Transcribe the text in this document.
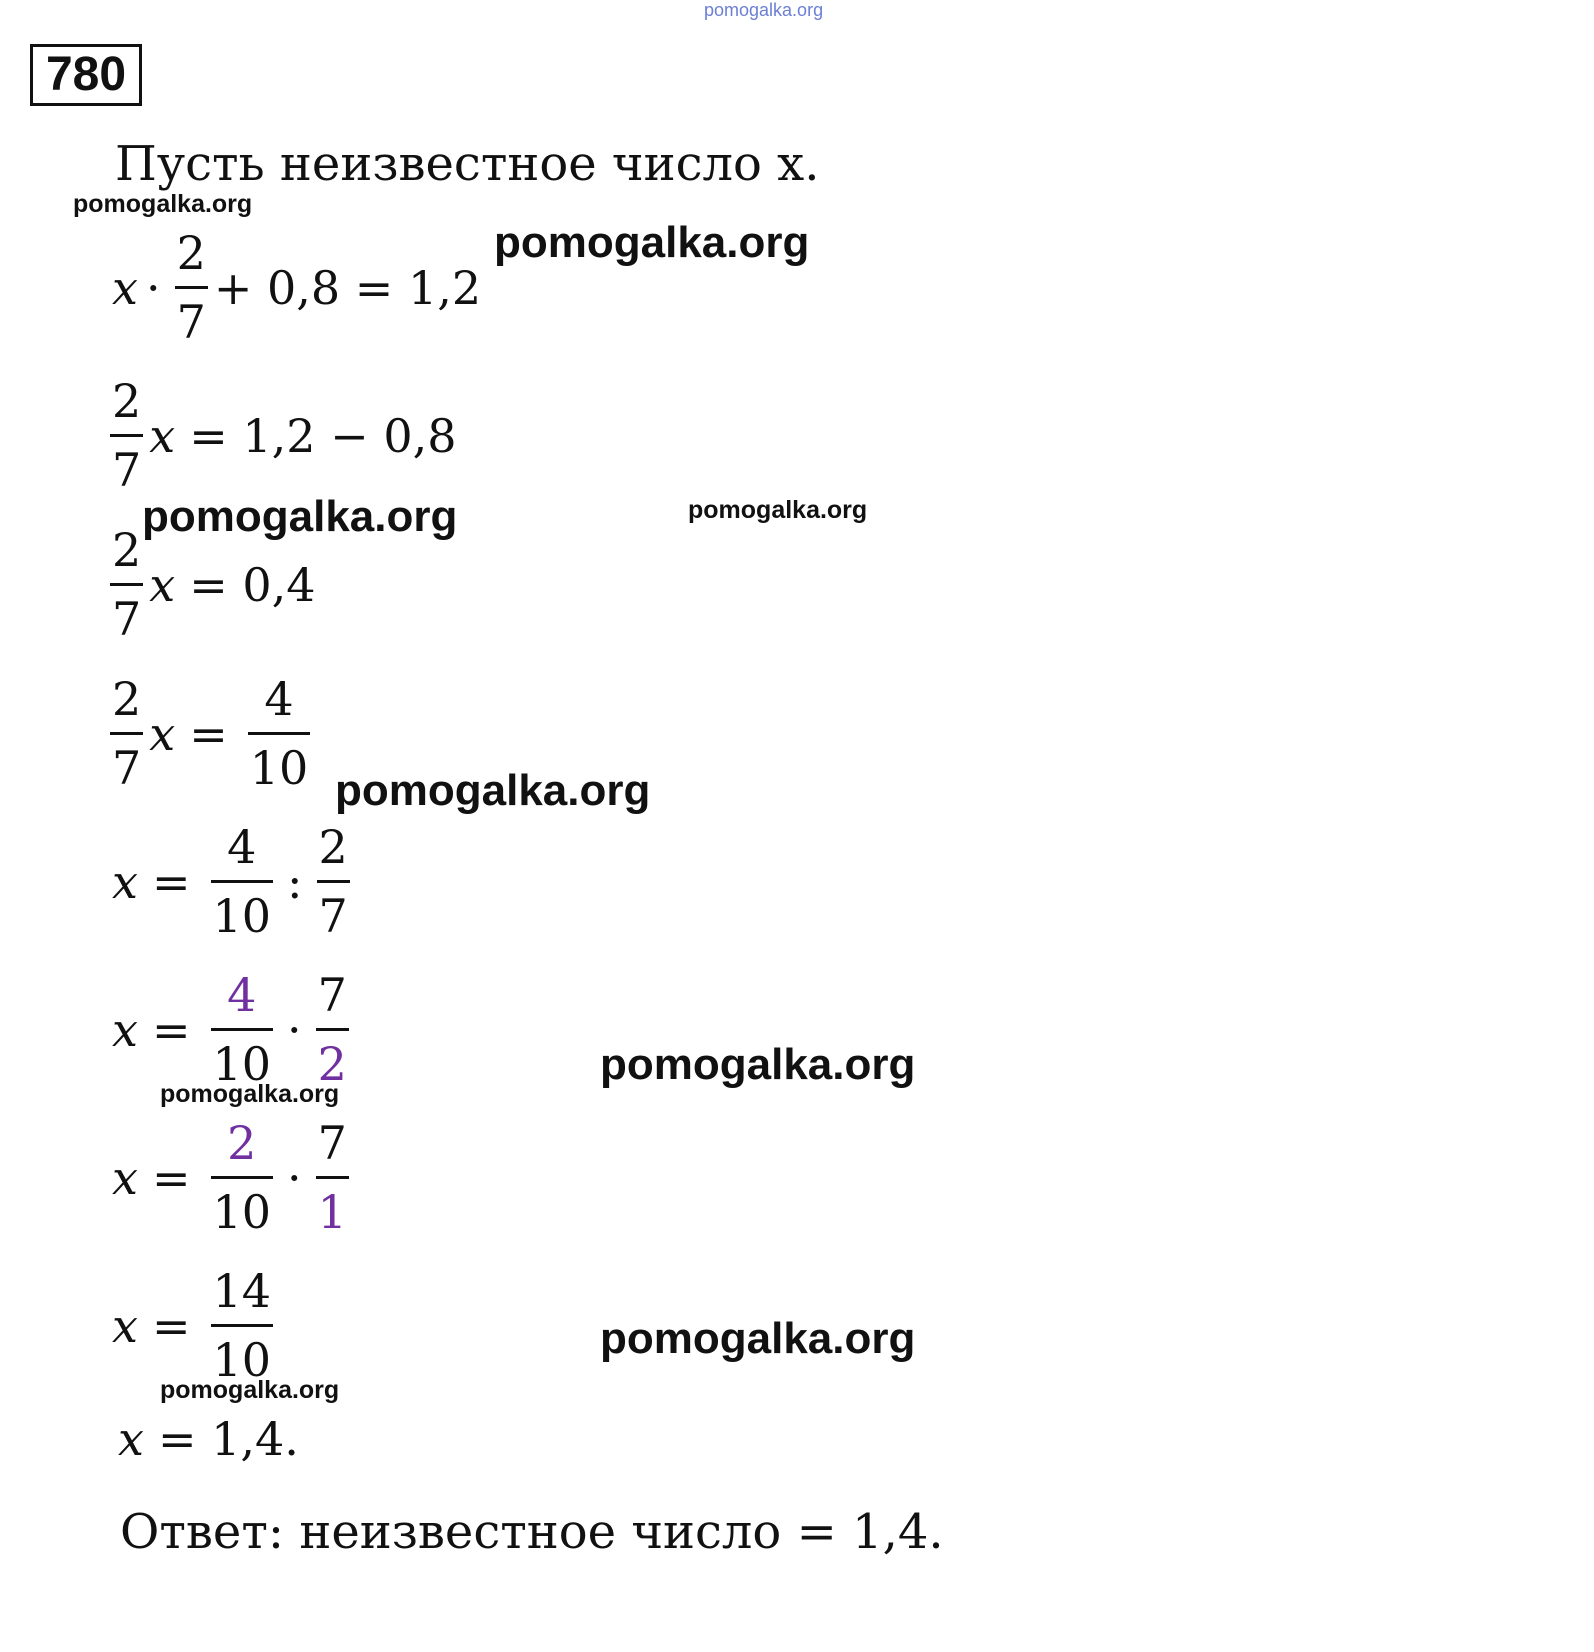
pomogalka.org
780
Пусть неизвестное число x.
pomogalka.org
pomogalka.org
pomogalka.org	pomogalka.org
pomogalka.org
pomogalka.org
pomogalka.org
pomogalka.org
pomogalka.org
$x \cdot \frac{2}{7} + 0,8 = 1,2$
$\frac{2}{7}$ x = 1,2 − 0,8
$\frac{2}{7}$ x = 0,4
$\frac{2}{7}$ $x = \frac{4}{10}$
$x = \frac{4}{10}$ : $\frac{2}{7}$
$x = \frac{4}{10} \cdot \frac{7}{2}$
$x = \frac{2}{10} \cdot \frac{7}{1}$
$x = \frac{14}{10}$
x = 1,4.
Ответ: неизвестное число = 1,4.
